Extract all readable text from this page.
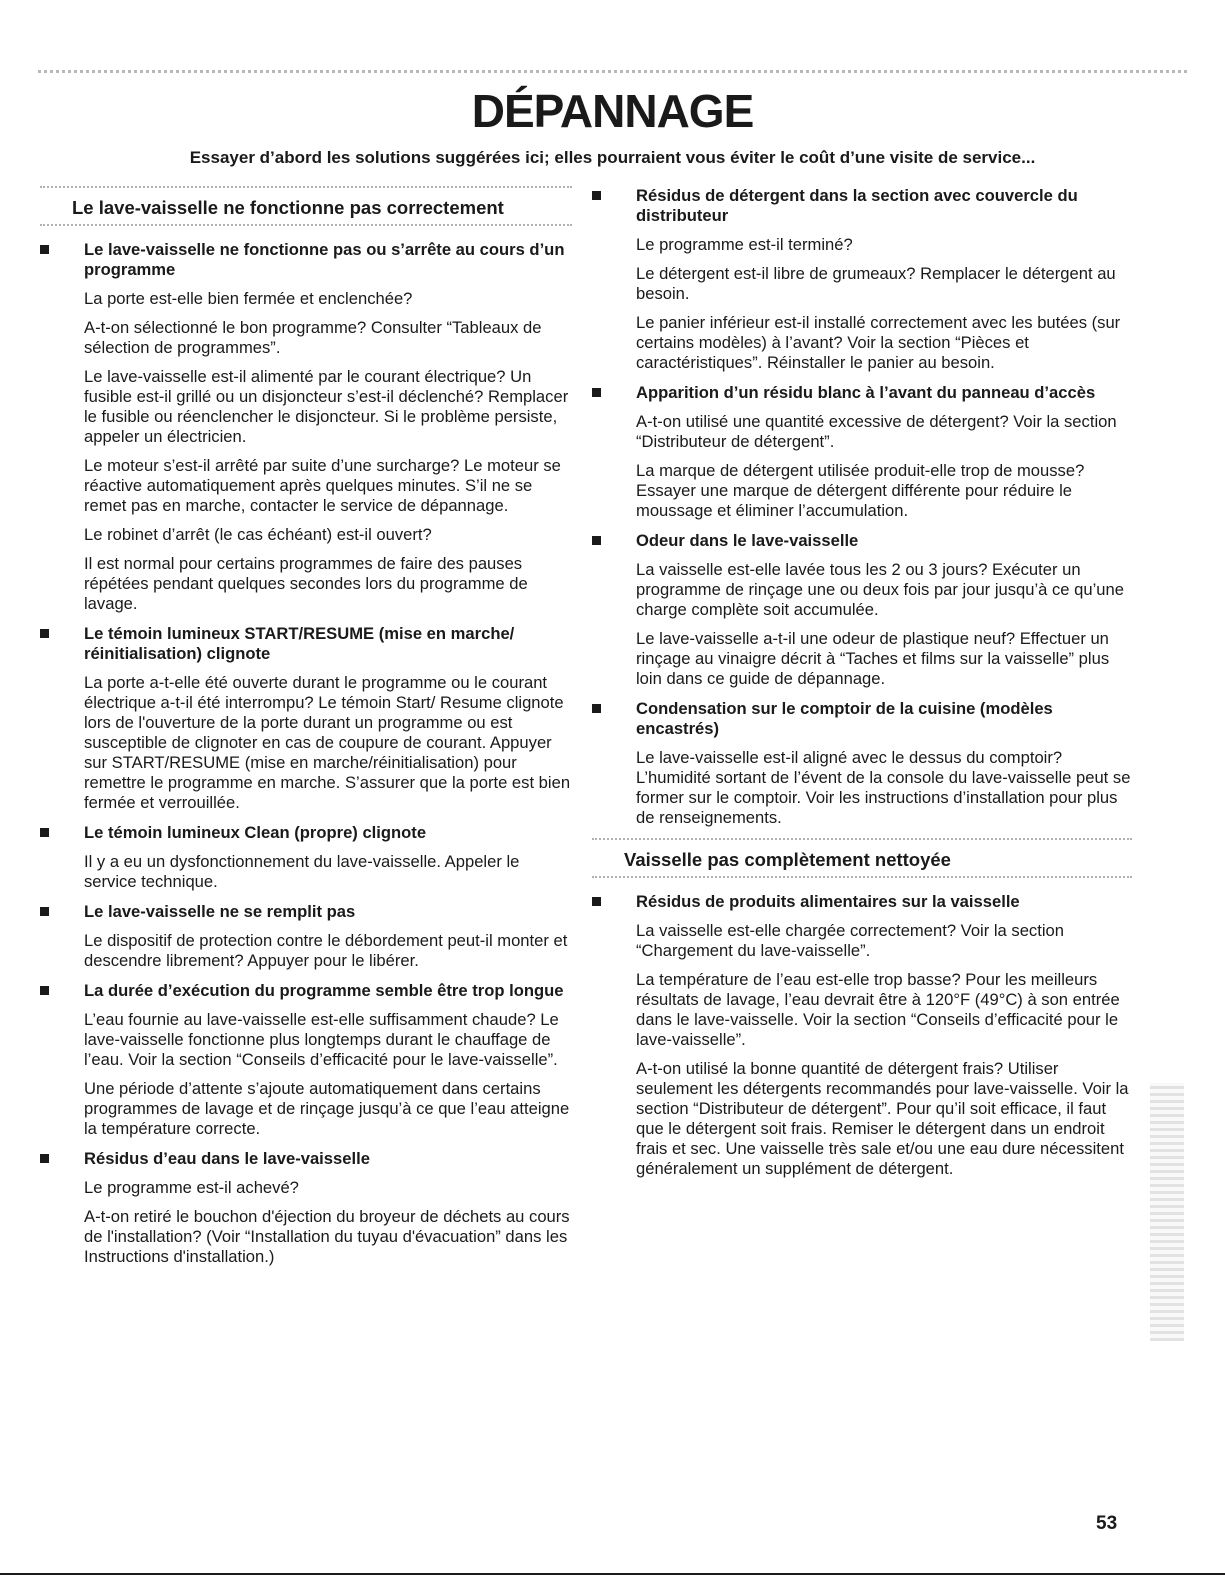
DÉPANNAGE

Essayer d’abord les solutions suggérées ici; elles pourraient vous éviter le coût d’une visite de service...

Le lave-vaisselle ne fonctionne pas correctement
Le lave-vaisselle ne fonctionne pas ou s’arrête au cours d’un programme

La porte est-elle bien fermée et enclenchée?

A-t-on sélectionné le bon programme? Consulter “Tableaux de sélection de programmes”.

Le lave-vaisselle est-il alimenté par le courant électrique? Un fusible est-il grillé ou un disjoncteur s’est-il déclenché? Remplacer le fusible ou réenclencher le disjoncteur. Si le problème persiste, appeler un électricien.

Le moteur s’est-il arrêté par suite d’une surcharge? Le moteur se réactive automatiquement après quelques minutes. S’il ne se remet pas en marche, contacter le service de dépannage.

Le robinet d’arrêt (le cas échéant) est-il ouvert?

Il est normal pour certains programmes de faire des pauses répétées pendant quelques secondes lors du programme de lavage.

Le témoin lumineux START/RESUME (mise en marche/ réinitialisation) clignote

La porte a-t-elle été ouverte durant le programme ou le courant électrique a-t-il été interrompu? Le témoin Start/ Resume clignote lors de l'ouverture de la porte durant un programme ou est susceptible de clignoter en cas de coupure de courant. Appuyer sur START/RESUME (mise en marche/réinitialisation) pour remettre le programme en marche. S’assurer que la porte est bien fermée et verrouillée.

Le témoin lumineux Clean (propre) clignote

Il y a eu un dysfonctionnement du lave-vaisselle. Appeler le service technique.

Le lave-vaisselle ne se remplit pas

Le dispositif de protection contre le débordement peut-il monter et descendre librement? Appuyer pour le libérer.

La durée d’exécution du programme semble être trop longue

L’eau fournie au lave-vaisselle est-elle suffisamment chaude? Le lave-vaisselle fonctionne plus longtemps durant le chauffage de l’eau. Voir la section “Conseils d’efficacité pour le lave-vaisselle”.

Une période d’attente s’ajoute automatiquement dans certains programmes de lavage et de rinçage jusqu’à ce que l’eau atteigne la température correcte.

Résidus d’eau dans le lave-vaisselle

Le programme est-il achevé?

A-t-on retiré le bouchon d'éjection du broyeur de déchets au cours de l'installation? (Voir “Installation du tuyau d'évacuation” dans les Instructions d'installation.)

Résidus de détergent dans la section avec couvercle du distributeur

Le programme est-il terminé?

Le détergent est-il libre de grumeaux? Remplacer le détergent au besoin.

Le panier inférieur est-il installé correctement avec les butées (sur certains modèles) à l’avant? Voir la section “Pièces et caractéristiques”. Réinstaller le panier au besoin.

Apparition d’un résidu blanc à l’avant du panneau d’accès

A-t-on utilisé une quantité excessive de détergent? Voir la section “Distributeur de détergent”.

La marque de détergent utilisée produit-elle trop de mousse? Essayer une marque de détergent différente pour réduire le moussage et éliminer l’accumulation.

Odeur dans le lave-vaisselle

La vaisselle est-elle lavée tous les 2 ou 3 jours? Exécuter un programme de rinçage une ou deux fois par jour jusqu’à ce qu’une charge complète soit accumulée.

Le lave-vaisselle a-t-il une odeur de plastique neuf? Effectuer un rinçage au vinaigre décrit à “Taches et films sur la vaisselle” plus loin dans ce guide de dépannage.

Condensation sur le comptoir de la cuisine (modèles encastrés)

Le lave-vaisselle est-il aligné avec le dessus du comptoir? L’humidité sortant de l’évent de la console du lave-vaisselle peut se former sur le comptoir. Voir les instructions d’installation pour plus de renseignements.

Vaisselle pas complètement nettoyée
Résidus de produits alimentaires sur la vaisselle

La vaisselle est-elle chargée correctement? Voir la section “Chargement du lave-vaisselle”.

La température de l’eau est-elle trop basse? Pour les meilleurs résultats de lavage, l’eau devrait être à 120°F (49°C) à son entrée dans le lave-vaisselle. Voir la section “Conseils d’efficacité pour le lave-vaisselle”.

A-t-on utilisé la bonne quantité de détergent frais? Utiliser seulement les détergents recommandés pour lave-vaisselle. Voir la section “Distributeur de détergent”. Pour qu’il soit efficace, il faut que le détergent soit frais. Remiser le détergent dans un endroit frais et sec. Une vaisselle très sale et/ou une eau dure nécessitent généralement un supplément de détergent.

53
